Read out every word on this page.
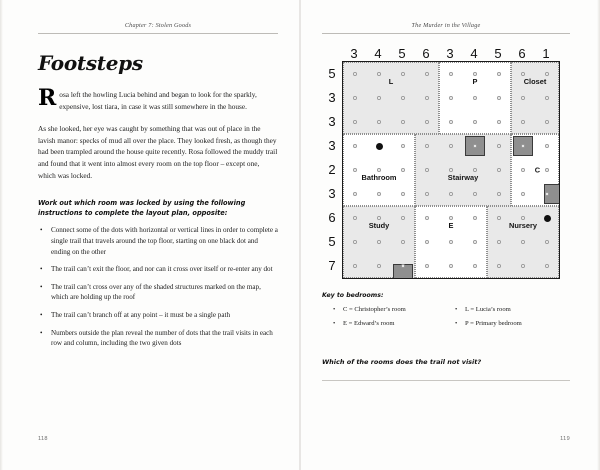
Chapter 7: Stolen Goods
Footsteps

Rosa left the howling Lucia behind and began to look for the sparkly, expensive, lost tiara, in case it was still somewhere in the house.

As she looked, her eye was caught by something that was out of place in the lavish manor: specks of mud all over the place. They looked fresh, as though they had been trampled around the house quite recently. Rosa followed the muddy trail and found that it went into almost every room on the top floor – except one, which was locked.

Work out which room was locked by using the following instructions to complete the layout plan, opposite:
• Connect some of the dots with horizontal or vertical lines in order to complete a single trail that travels around the top floor, starting on one black dot and ending on the other
• The trail can’t exit the floor, and nor can it cross over itself or re-enter any dot
• The trail can’t cross over any of the shaded structures marked on the map, which are holding up the roof
• The trail can’t branch off at any point – it must be a single path
• Numbers outside the plan reveal the number of dots that the trail visits in each row and column, including the two given dots
118
The Murder in the Village
3	4	5	6	3	4	5	6	1
5
3
3
3
2
3
6
5
7
L	P	Closet
Bathroom	Stairway
Study	E	Nursery
C
Key to bedrooms:
• C = Christopher’s room	• L = Lucia’s room
• E = Edward’s room	• P = Primary bedroom
Which of the rooms does the trail not visit?
119
